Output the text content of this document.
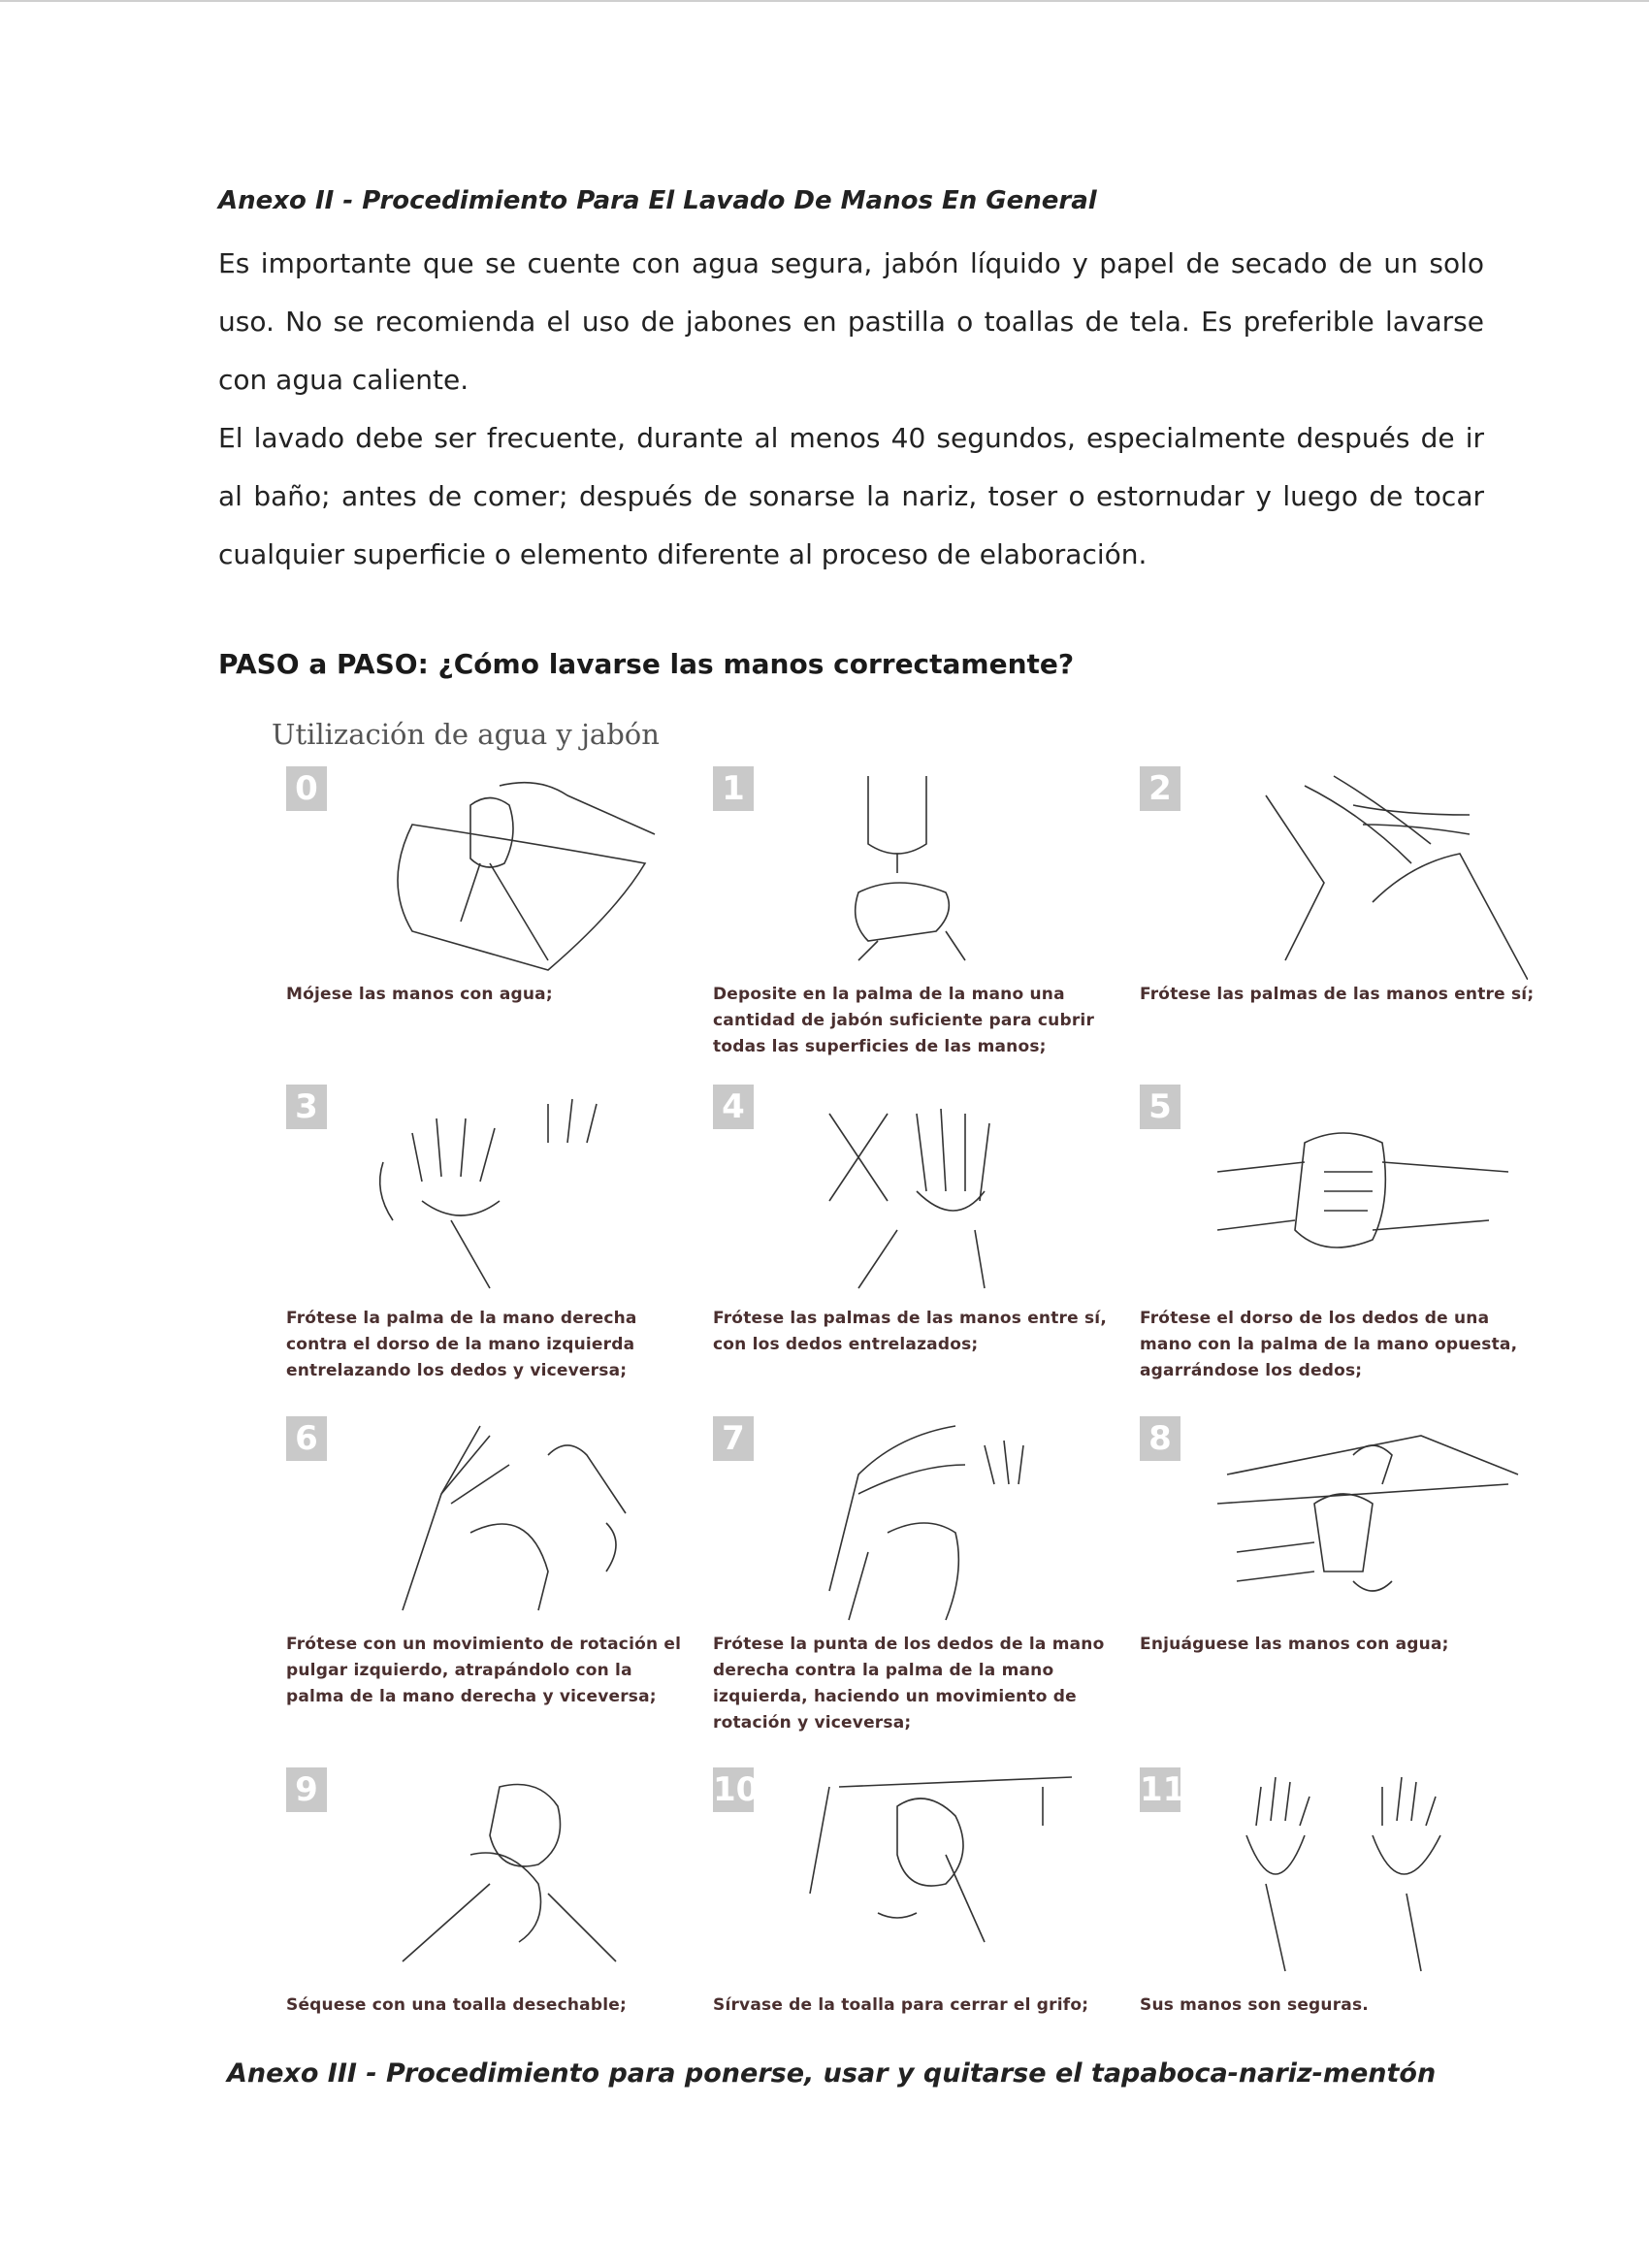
Anexo II - Procedimiento Para El Lavado De Manos En General
Es importante que se cuente con agua segura, jabón líquido y papel de secado de un solo uso. No se recomienda el uso de jabones en pastilla o toallas de tela. Es preferible lavarse con agua caliente.
El lavado debe ser frecuente, durante al menos 40 segundos, especialmente después de ir al baño; antes de comer; después de sonarse la nariz, toser o estornudar y luego de tocar cualquier superficie o elemento diferente al proceso de elaboración.
PASO a PASO: ¿Cómo lavarse las manos correctamente?
Utilización de agua y jabón
0
Mójese las manos con agua;
1
Deposite en la palma de la mano una cantidad de jabón suficiente para cubrir todas las superficies de las manos;
2
Frótese las palmas de las manos entre sí;
3
Frótese la palma de la mano derecha contra el dorso de la mano izquierda entrelazando los dedos y viceversa;
4
Frótese las palmas de las manos entre sí, con los dedos entrelazados;
5
Frótese el dorso de los dedos de una mano con la palma de la mano opuesta, agarrándose los dedos;
6
Frótese con un movimiento de rotación el pulgar izquierdo, atrapándolo con la palma de la mano derecha y viceversa;
7
Frótese la punta de los dedos de la mano derecha contra la palma de la mano izquierda, haciendo un movimiento de rotación y viceversa;
8
Enjuáguese las manos con agua;
9
Séquese con una toalla desechable;
10
Sírvase de la toalla para cerrar el grifo;
11
Sus manos son seguras.
Anexo III - Procedimiento para ponerse, usar y quitarse el tapaboca-nariz-mentón
